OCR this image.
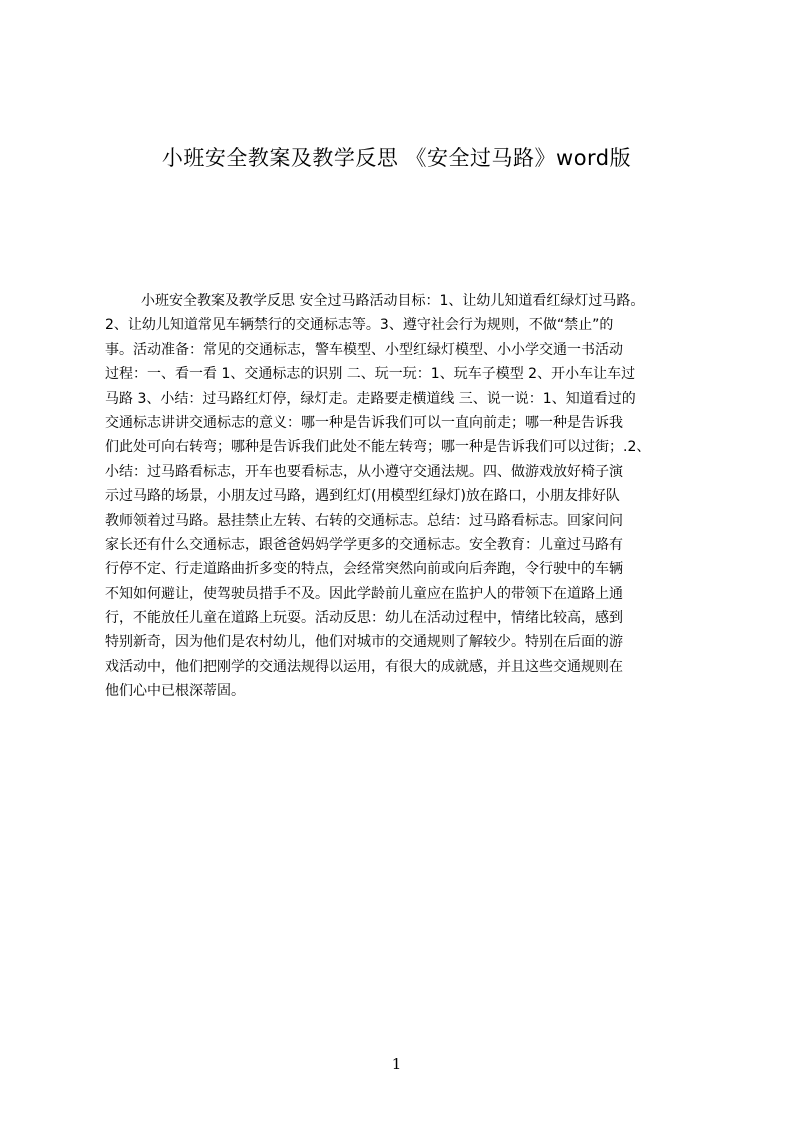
小班安全教案及教学反思 《安全过马路》word版
小班安全教案及教学反思 安全过马路活动目标：1、让幼儿知道看红绿灯过马路。
2、让幼儿知道常见车辆禁行的交通标志等。3、遵守社会行为规则，不做“禁止”的
事。活动准备：常见的交通标志，警车模型、小型红绿灯模型、小小学交通一书活动
过程：一、看一看 1、交通标志的识别 二、玩一玩：1、玩车子模型 2、开小车让车过
马路 3、小结：过马路红灯停，绿灯走。走路要走横道线 三、说一说：1、知道看过的
交通标志讲讲交通标志的意义：哪一种是告诉我们可以一直向前走；哪一种是告诉我
们此处可向右转弯；哪种是告诉我们此处不能左转弯；哪一种是告诉我们可以过街；.2、
小结：过马路看标志，开车也要看标志，从小遵守交通法规。四、做游戏放好椅子演
示过马路的场景，小朋友过马路，遇到红灯(用模型红绿灯)放在路口，小朋友排好队
教师领着过马路。悬挂禁止左转、右转的交通标志。总结：过马路看标志。回家问问
家长还有什么交通标志，跟爸爸妈妈学学更多的交通标志。安全教育：儿童过马路有
行停不定、行走道路曲折多变的特点，会经常突然向前或向后奔跑，令行驶中的车辆
不知如何避让，使驾驶员措手不及。因此学龄前儿童应在监护人的带领下在道路上通
行，不能放任儿童在道路上玩耍。活动反思：幼儿在活动过程中，情绪比较高，感到
特别新奇，因为他们是农村幼儿，他们对城市的交通规则了解较少。特别在后面的游
戏活动中，他们把刚学的交通法规得以运用，有很大的成就感，并且这些交通规则在
他们心中已根深蒂固。
1
